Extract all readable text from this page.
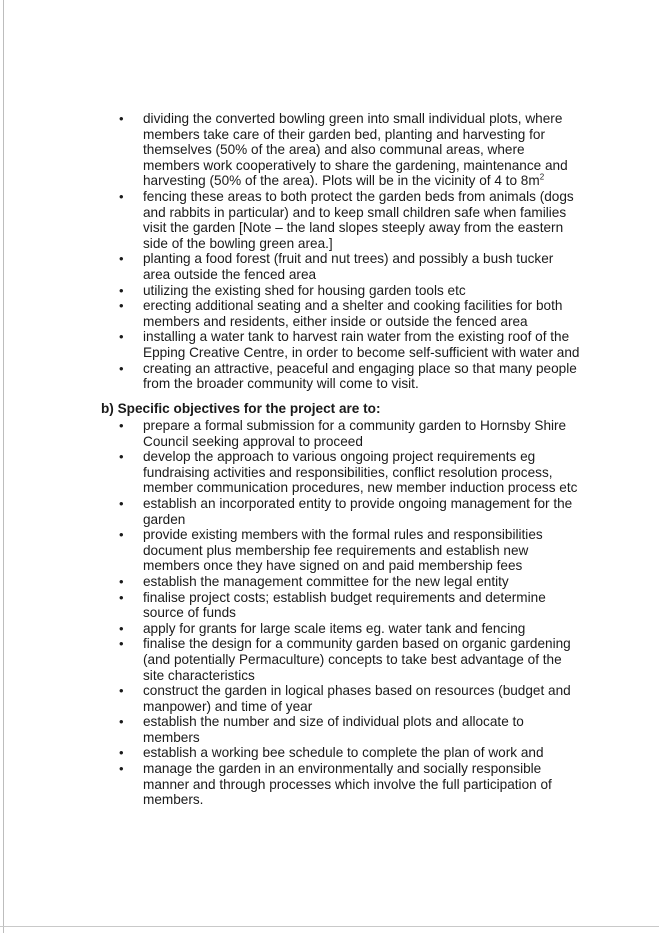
• dividing the converted bowling green into small individual plots, where members take care of their garden bed, planting and harvesting for themselves (50% of the area) and also communal areas, where members work cooperatively to share the gardening, maintenance and harvesting (50% of the area). Plots will be in the vicinity of 4 to $8m^2$
• fencing these areas to both protect the garden beds from animals (dogs and rabbits in particular) and to keep small children safe when families visit the garden [Note – the land slopes steeply away from the eastern side of the bowling green area.]
• planting a food forest (fruit and nut trees) and possibly a bush tucker area outside the fenced area
• utilizing the existing shed for housing garden tools etc
• erecting additional seating and a shelter and cooking facilities for both members and residents, either inside or outside the fenced area
• installing a water tank to harvest rain water from the existing roof of the Epping Creative Centre, in order to become self-sufficient with water and
• creating an attractive, peaceful and engaging place so that many people from the broader community will come to visit.
b) Specific objectives for the project are to:
• prepare a formal submission for a community garden to Hornsby Shire Council seeking approval to proceed
• develop the approach to various ongoing project requirements eg fundraising activities and responsibilities, conflict resolution process, member communication procedures, new member induction process etc
• establish an incorporated entity to provide ongoing management for the garden
• provide existing members with the formal rules and responsibilities document plus membership fee requirements and establish new members once they have signed on and paid membership fees
• establish the management committee for the new legal entity
• finalise project costs; establish budget requirements and determine source of funds
• apply for grants for large scale items eg. water tank and fencing
• finalise the design for a community garden based on organic gardening (and potentially Permaculture) concepts to take best advantage of the site characteristics
• construct the garden in logical phases based on resources (budget and manpower) and time of year
• establish the number and size of individual plots and allocate to members
• establish a working bee schedule to complete the plan of work and
• manage the garden in an environmentally and socially responsible manner and through processes which involve the full participation of members.
